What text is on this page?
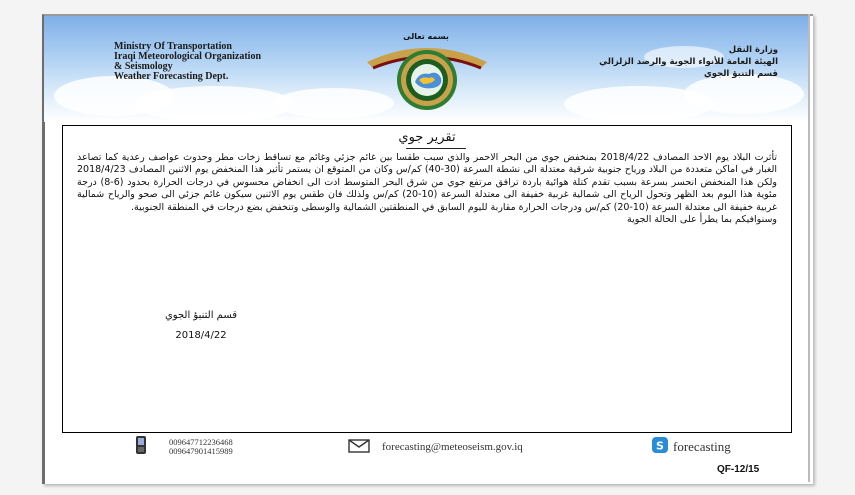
Ministry Of Transportation
Iraqi Meteorological Organization
& Seismology
Weather Forecasting Dept.
وزارة النقل
الهيئة العامة للأنواء الجوية والرصد الزلزالي
قسم التنبؤ الجوي
بسمه تعالى
تقرير جوي
تأثرت البلاد يوم الاحد المصادف 2018/4/22 بمنخفض جوي من البحر الاحمر والذي سبب طقسا بين غائم جزئي وغائم مع تساقط زخات مطر وحدوث عواصف رعدية كما تصاعد الغبار في اماكن متعددة من البلاد ورياح جنوبية شرقية معتدلة الى نشطة السرعة (30-40) كم/س وكان من المتوقع ان يستمر تأثير هذا المنخفض يوم الاثنين المصادف 2018/4/23 ولكن هذا المنخفض انحسر بسرعة بسبب تقدم كتلة هوائية باردة ترافق مرتفع جوي من شرق البحر المتوسط ادت الى انخفاض محسوس في درجات الحرارة بحدود (6-8) درجة مئوية هذا اليوم بعد الظهر وتحول الرياح الى شمالية غربية خفيفة الى معتدلة السرعة (10-20) كم/س ولذلك فان طقس يوم الاثنين سيكون غائم جزئي الى صحو والرياح شمالية غربية خفيفة الى معتدلة السرعة (10-20) كم/س ودرجات الحرارة مقاربة لليوم السابق في المنطقتين الشمالية والوسطى وتنخفض بضع درجات في المنطقة الجنوبية.
وسنوافيكم بما يطرأ على الحالة الجوية
قسم التنبؤ الجوي
2018/4/22
009647712236468
009647901415989	forecasting@meteoseism.gov.iq	S forecasting
QF-12/15
